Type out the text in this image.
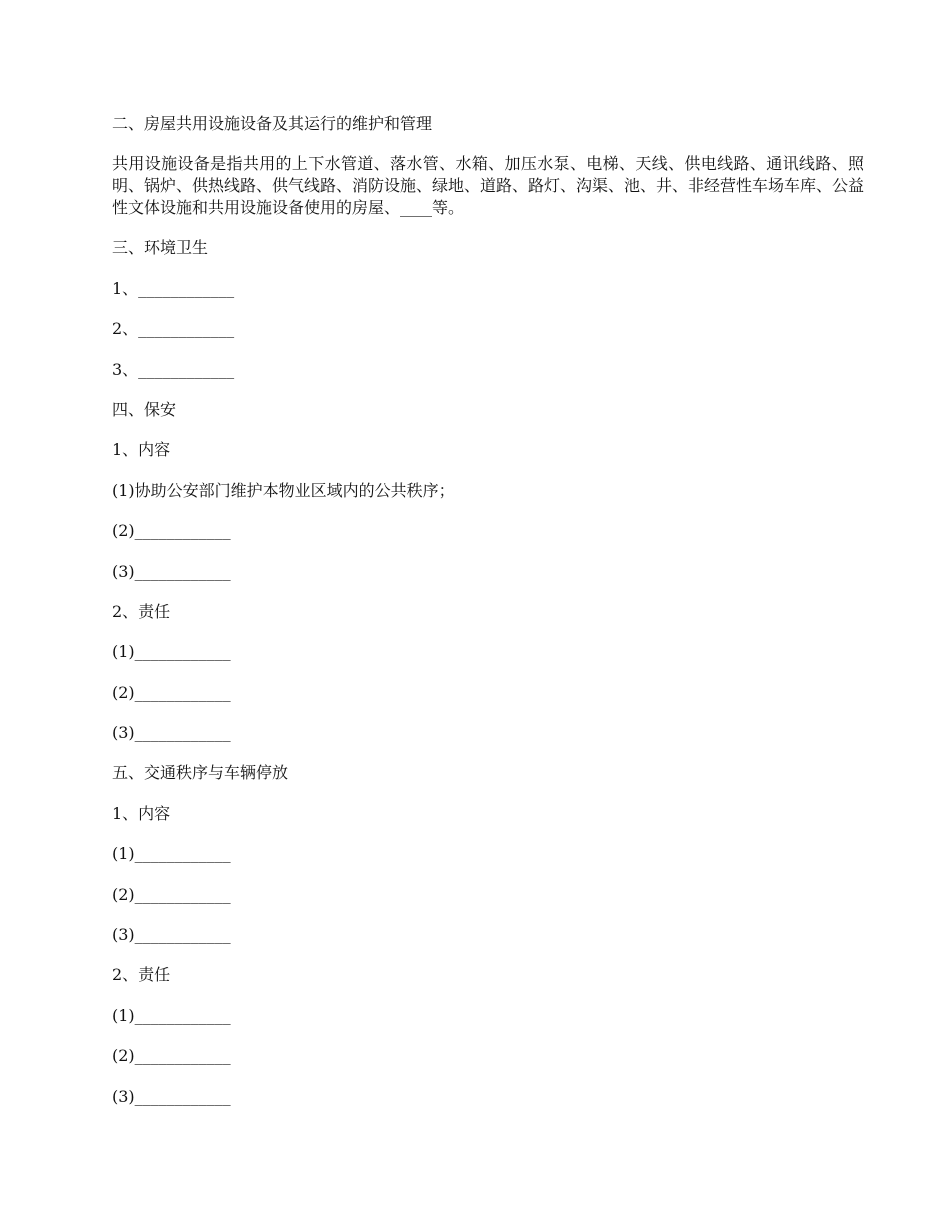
二、房屋共用设施设备及其运行的维护和管理
共用设施设备是指共用的上下水管道、落水管、水箱、加压水泵、电梯、天线、供电线路、通讯线路、照明、锅炉、供热线路、供气线路、消防设施、绿地、道路、路灯、沟渠、池、井、非经营性车场车库、公益性文体设施和共用设施设备使用的房屋、____等。
三、环境卫生
1、____________
2、____________
3、____________
四、保安
1、内容
(1)协助公安部门维护本物业区域内的公共秩序；
(2)____________
(3)____________
2、责任
(1)____________
(2)____________
(3)____________
五、交通秩序与车辆停放
1、内容
(1)____________
(2)____________
(3)____________
2、责任
(1)____________
(2)____________
(3)____________
